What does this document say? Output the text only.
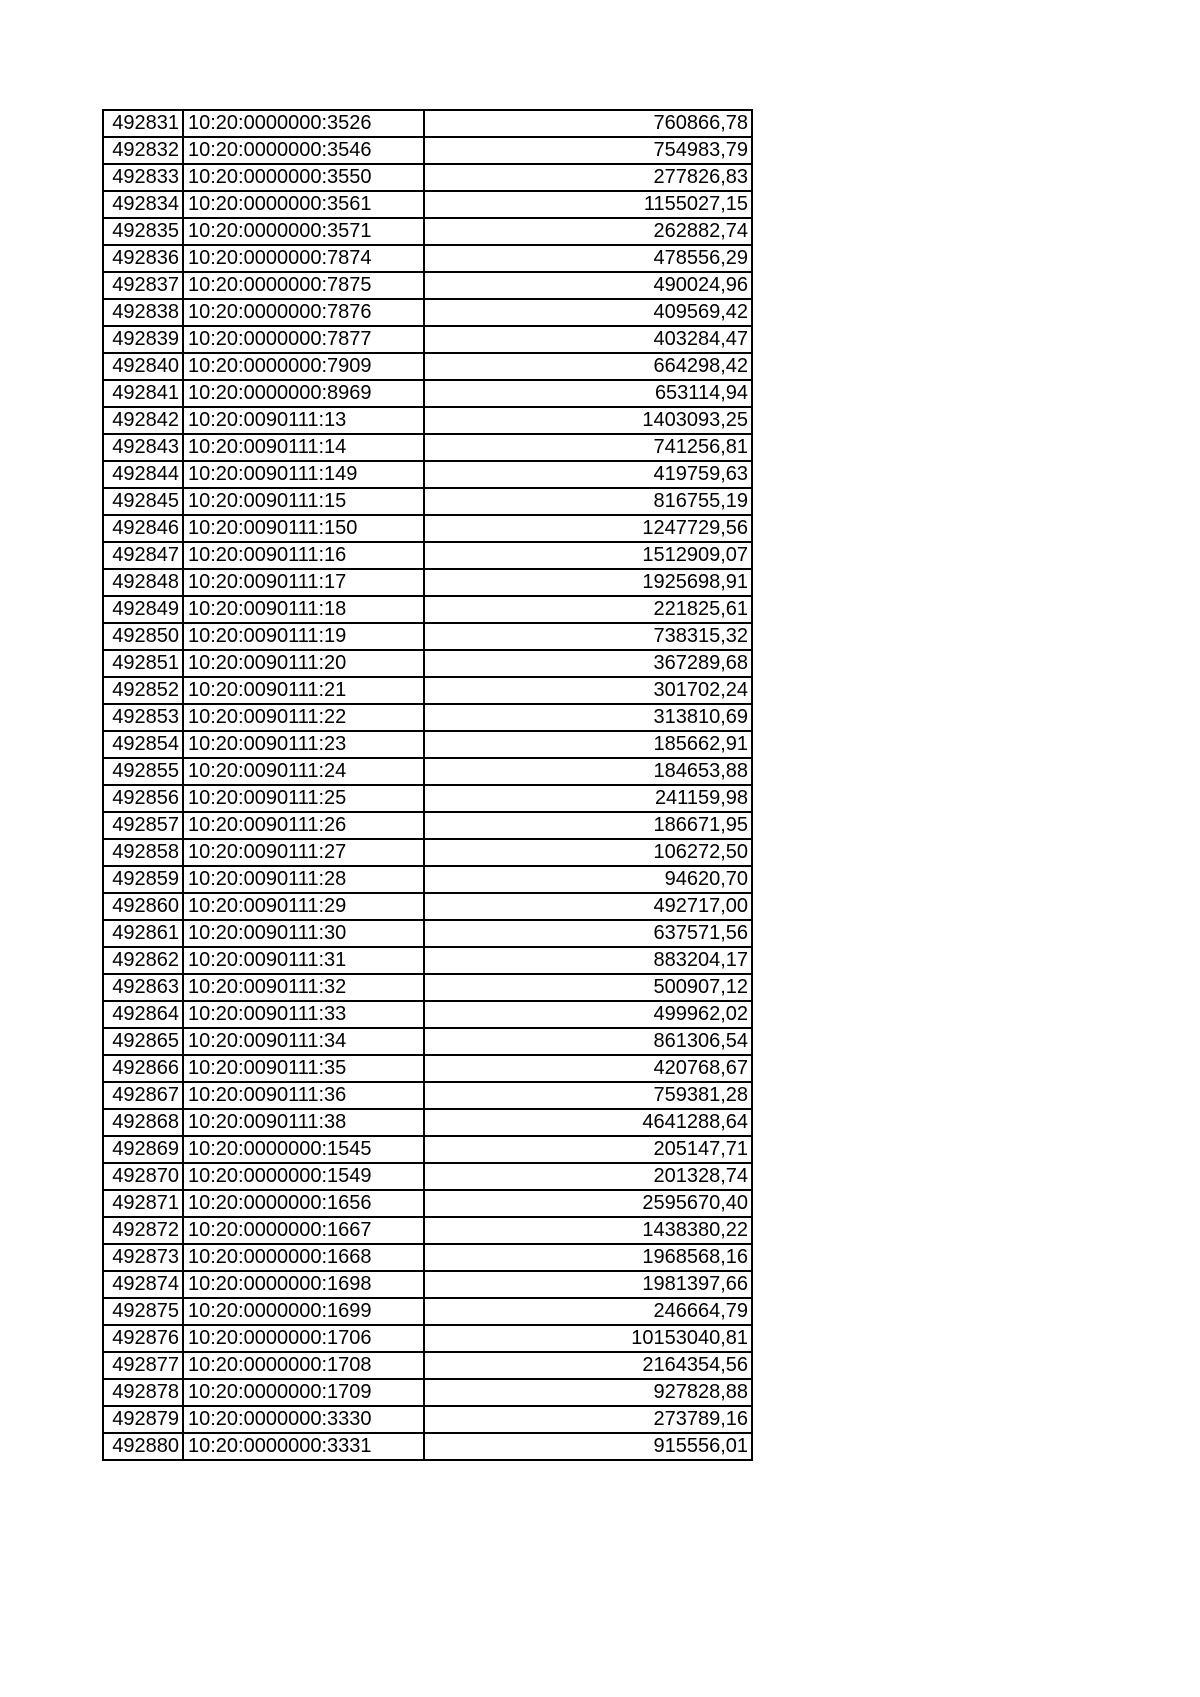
492831	10:20:0000000:3526	760866,78
492832	10:20:0000000:3546	754983,79
492833	10:20:0000000:3550	277826,83
492834	10:20:0000000:3561	1155027,15
492835	10:20:0000000:3571	262882,74
492836	10:20:0000000:7874	478556,29
492837	10:20:0000000:7875	490024,96
492838	10:20:0000000:7876	409569,42
492839	10:20:0000000:7877	403284,47
492840	10:20:0000000:7909	664298,42
492841	10:20:0000000:8969	653114,94
492842	10:20:0090111:13	1403093,25
492843	10:20:0090111:14	741256,81
492844	10:20:0090111:149	419759,63
492845	10:20:0090111:15	816755,19
492846	10:20:0090111:150	1247729,56
492847	10:20:0090111:16	1512909,07
492848	10:20:0090111:17	1925698,91
492849	10:20:0090111:18	221825,61
492850	10:20:0090111:19	738315,32
492851	10:20:0090111:20	367289,68
492852	10:20:0090111:21	301702,24
492853	10:20:0090111:22	313810,69
492854	10:20:0090111:23	185662,91
492855	10:20:0090111:24	184653,88
492856	10:20:0090111:25	241159,98
492857	10:20:0090111:26	186671,95
492858	10:20:0090111:27	106272,50
492859	10:20:0090111:28	94620,70
492860	10:20:0090111:29	492717,00
492861	10:20:0090111:30	637571,56
492862	10:20:0090111:31	883204,17
492863	10:20:0090111:32	500907,12
492864	10:20:0090111:33	499962,02
492865	10:20:0090111:34	861306,54
492866	10:20:0090111:35	420768,67
492867	10:20:0090111:36	759381,28
492868	10:20:0090111:38	4641288,64
492869	10:20:0000000:1545	205147,71
492870	10:20:0000000:1549	201328,74
492871	10:20:0000000:1656	2595670,40
492872	10:20:0000000:1667	1438380,22
492873	10:20:0000000:1668	1968568,16
492874	10:20:0000000:1698	1981397,66
492875	10:20:0000000:1699	246664,79
492876	10:20:0000000:1706	10153040,81
492877	10:20:0000000:1708	2164354,56
492878	10:20:0000000:1709	927828,88
492879	10:20:0000000:3330	273789,16
492880	10:20:0000000:3331	915556,01
